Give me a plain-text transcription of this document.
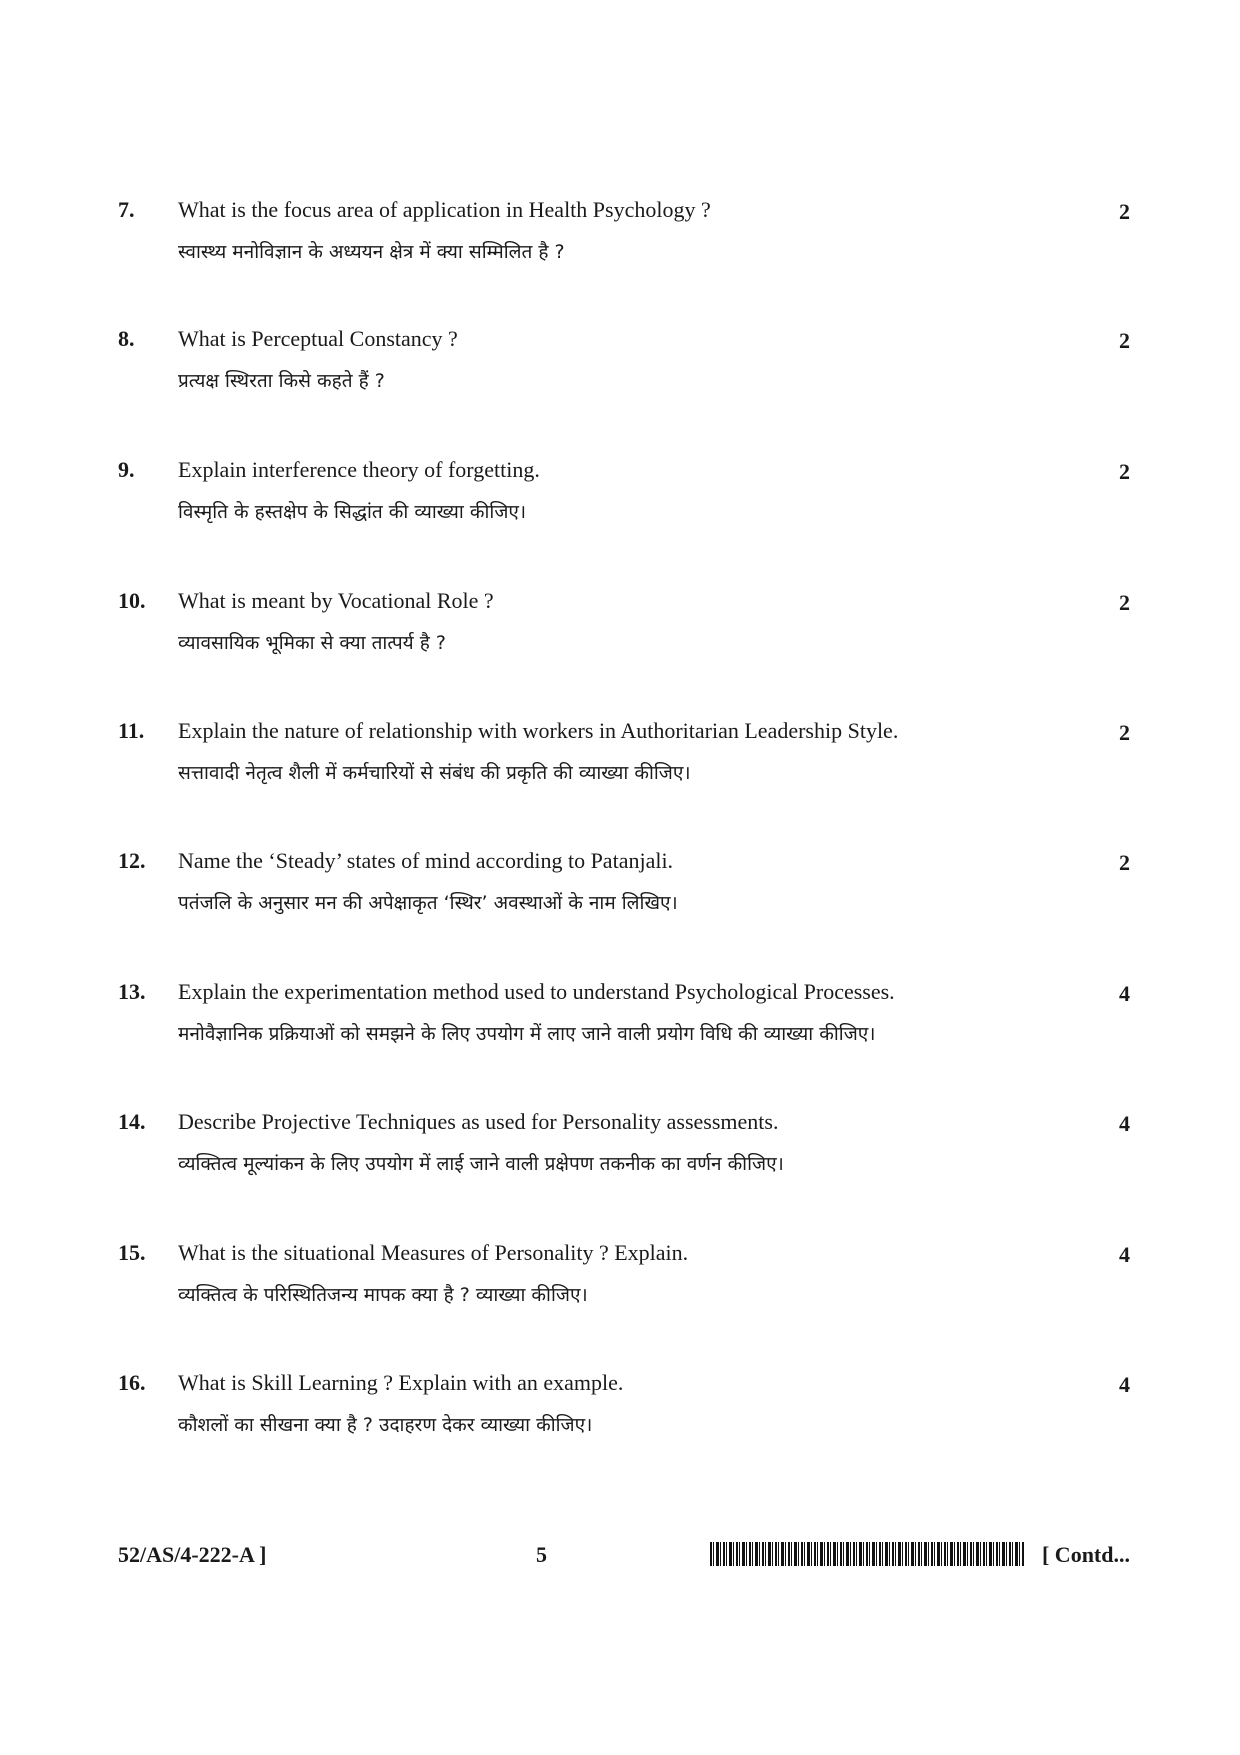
7. What is the focus area of application in Health Psychology ?
स्वास्थ्य मनोविज्ञान के अध्ययन क्षेत्र में क्या सम्मिलित है ?
2
8. What is Perceptual Constancy ?
प्रत्यक्ष स्थिरता किसे कहते हैं ?
2
9. Explain interference theory of forgetting.
विस्मृति के हस्तक्षेप के सिद्धांत की व्याख्या कीजिए।
2
10. What is meant by Vocational Role ?
व्यावसायिक भूमिका से क्या तात्पर्य है ?
2
11. Explain the nature of relationship with workers in Authoritarian Leadership Style.
सत्तावादी नेतृत्व शैली में कर्मचारियों से संबंध की प्रकृति की व्याख्या कीजिए।
2
12. Name the ‘Steady’ states of mind according to Patanjali.
पतंजलि के अनुसार मन की अपेक्षाकृत ‘स्थिर’ अवस्थाओं के नाम लिखिए।
2
13. Explain the experimentation method used to understand Psychological Processes.
मनोवैज्ञानिक प्रक्रियाओं को समझने के लिए उपयोग में लाए जाने वाली प्रयोग विधि की व्याख्या कीजिए।
4
14. Describe Projective Techniques as used for Personality assessments.
व्यक्तित्व मूल्यांकन के लिए उपयोग में लाई जाने वाली प्रक्षेपण तकनीक का वर्णन कीजिए।
4
15. What is the situational Measures of Personality ? Explain.
व्यक्तित्व के परिस्थितिजन्य मापक क्या है ? व्याख्या कीजिए।
4
16. What is Skill Learning ? Explain with an example.
कौशलों का सीखना क्या है ? उदाहरण देकर व्याख्या कीजिए।
4
52/AS/4-222-A ]	5	[ Contd...
